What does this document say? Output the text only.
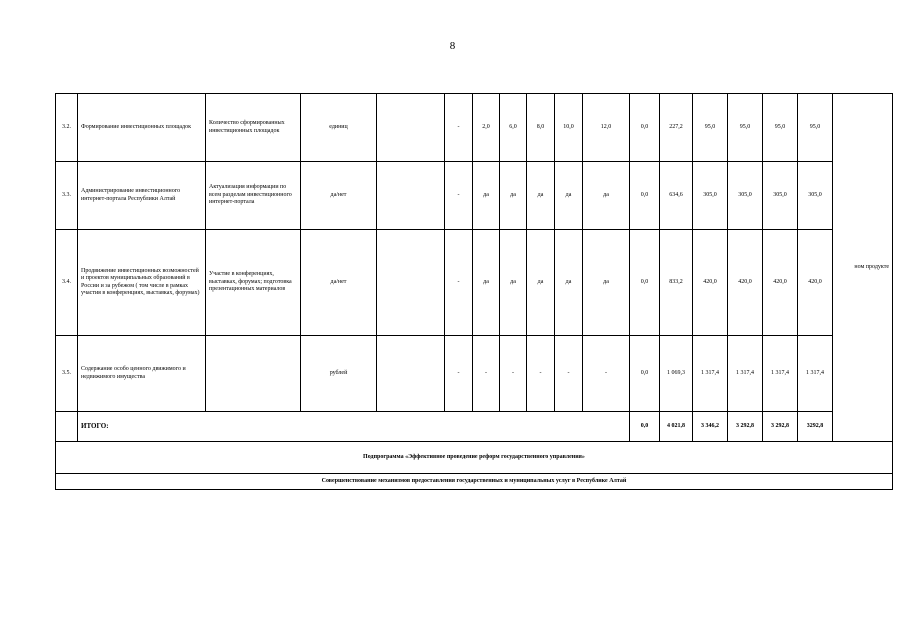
8
3.2.	Формирование инвестиционных площадок	Количество сформированных инвестиционных площадок	единиц		-	2,0	6,0	8,0	10,0	12,0	0,0	227,2	95,0	95,0	95,0	95,0	ном продукте
3.3.	Администрирование инвестиционного интернет-портала Республики Алтай	Актуализация информации по всем разделам инвестиционного интернет-портала	да/нет		-	да	да	да	да	да	0,0	634,6	305,0	305,0	305,0	305,0	
3.4.	Продвижение инвестиционных возможностей и проектов муниципальных образований в России и за рубежом ( том числе в рамках участия в конференциях, выставках, форумах)	Участие в конференциях, выставках, форумах; подготовка презентационных материалов	да/нет		-	да	да	да	да	да	0,0	833,2	420,0	420,0	420,0	420,0	
3.5.	Содержание особо ценного движимого и недвижимого имущества		рублей		-	-	-	-	-	-	0,0	1 069,3	1 317,4	1 317,4	1 317,4	1 317,4	
	ИТОГО:										0,0	4 021,8	3 346,2	3 292,8	3 292,8	3292,8	
Подпрограмма «Эффективное проведение реформ государственного управления»																	
Совершенствование механизмов предоставления государственных и муниципальных услуг в Республике Алтай																	
